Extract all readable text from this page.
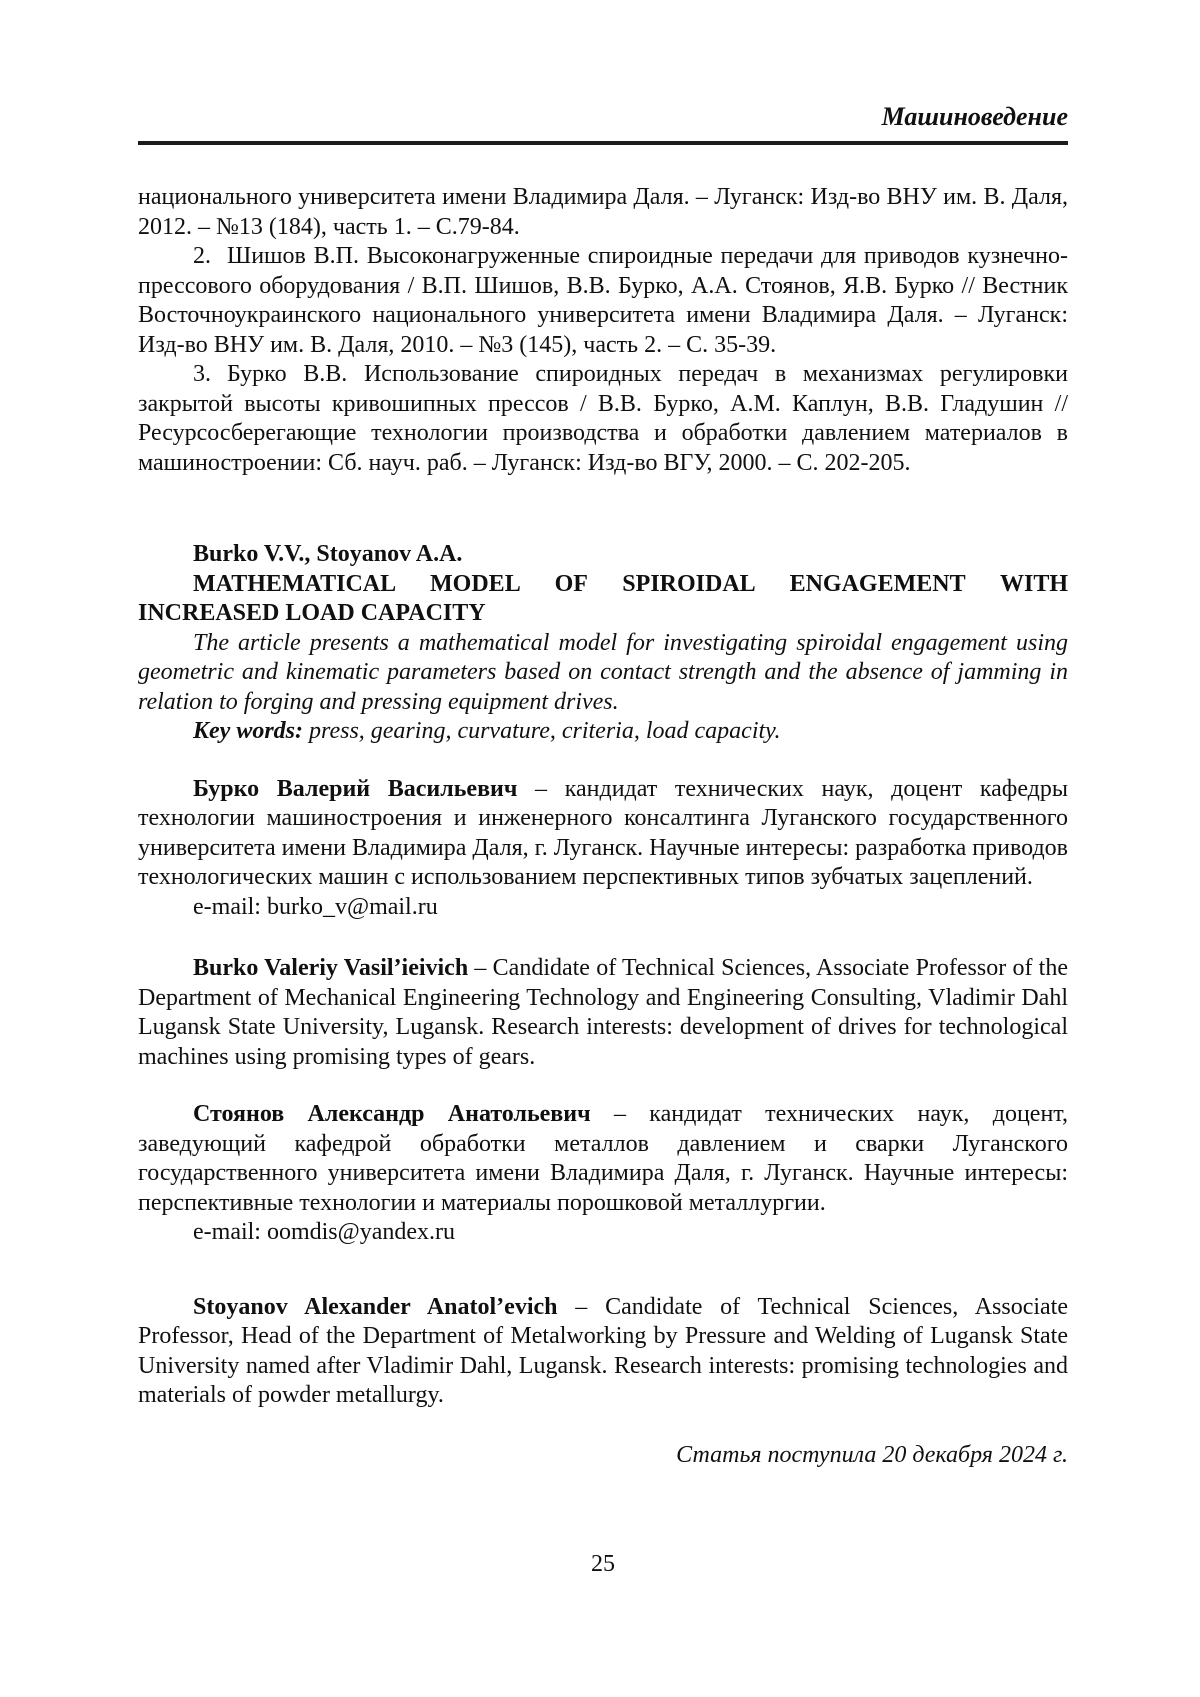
Машиноведение

национального университета имени Владимира Даля. – Луганск: Изд-во ВНУ им. В. Даля, 2012. – №13 (184), часть 1. – С.79-84.

2. Шишов В.П. Высоконагруженные спироидные передачи для приводов кузнечно-прессового оборудования / В.П. Шишов, В.В. Бурко, А.А. Стоянов, Я.В. Бурко // Вестник Восточноукраинского национального университета имени Владимира Даля. – Луганск: Изд-во ВНУ им. В. Даля, 2010. – №3 (145), часть 2. – С. 35-39.

3. Бурко В.В. Использование спироидных передач в механизмах регулировки закрытой высоты кривошипных прессов / В.В. Бурко, А.М. Каплун, В.В. Гладушин // Ресурсосберегающие технологии производства и обработки давлением материалов в машиностроении: Сб. науч. раб. – Луганск: Изд-во ВГУ, 2000. – С. 202-205.

Burko V.V., Stoyanov A.A.

MATHEMATICAL MODEL OF SPIROIDAL ENGAGEMENT WITH INCREASED LOAD CAPACITY

The article presents a mathematical model for investigating spiroidal engagement using geometric and kinematic parameters based on contact strength and the absence of jamming in relation to forging and pressing equipment drives.

Key words: press, gearing, curvature, criteria, load capacity.

Бурко Валерий Васильевич – кандидат технических наук, доцент кафедры технологии машиностроения и инженерного консалтинга Луганского государственного университета имени Владимира Даля, г. Луганск. Научные интересы: разработка приводов технологических машин с использованием перспективных типов зубчатых зацеплений.

e-mail: burko_v@mail.ru

Burko Valeriy Vasil’ieivich – Candidate of Technical Sciences, Associate Professor of the Department of Mechanical Engineering Technology and Engineering Consulting, Vladimir Dahl Lugansk State University, Lugansk. Research interests: development of drives for technological machines using promising types of gears.

Стоянов Александр Анатольевич – кандидат технических наук, доцент, заведующий кафедрой обработки металлов давлением и сварки Луганского государственного университета имени Владимира Даля, г. Луганск. Научные интересы: перспективные технологии и материалы порошковой металлургии.

e-mail: oomdis@yandex.ru

Stoyanov Alexander Anatol’evich – Candidate of Technical Sciences, Associate Professor, Head of the Department of Metalworking by Pressure and Welding of Lugansk State University named after Vladimir Dahl, Lugansk. Research interests: promising technologies and materials of powder metallurgy.

Статья поступила 20 декабря 2024 г.

25
